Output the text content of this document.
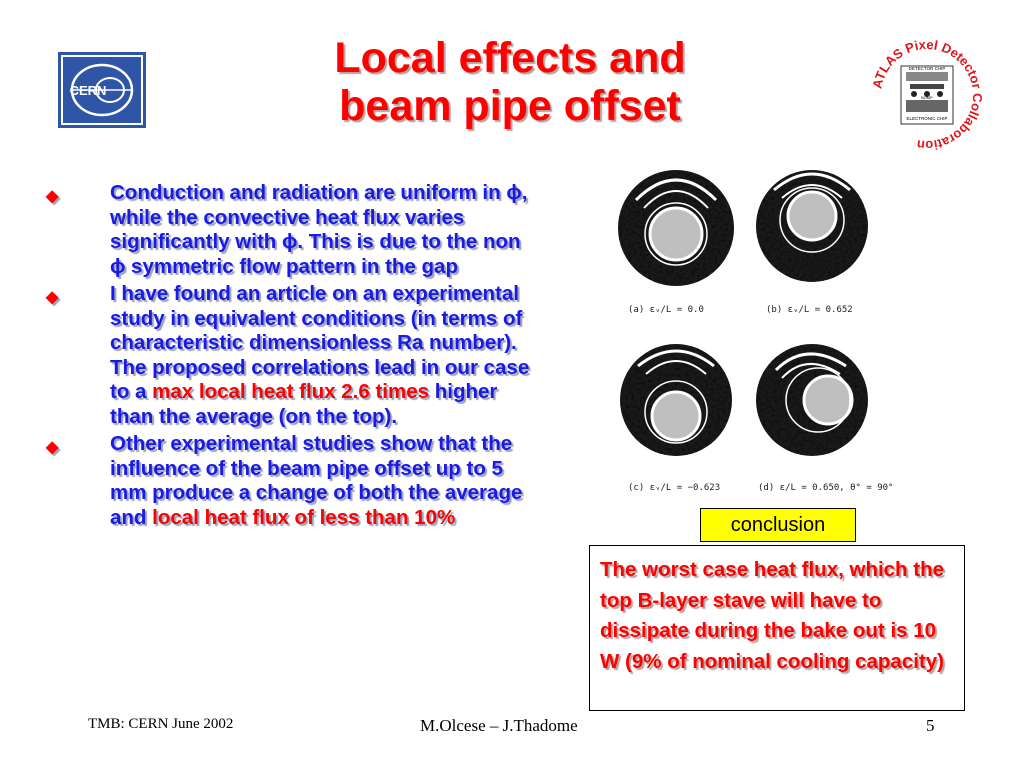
CERN
Local effects and
beam pipe offset	ATLAS Pixel Detector Collaboration
DETECTOR CHIP
BUMP
ELECTRONIC CHIP
◆	Conduction and radiation are uniform in ϕ, while the convective heat flux varies significantly with ϕ. This is due to the non ϕ symmetric flow pattern in the gap
◆	I have found an article on an experimental study in equivalent conditions (in terms of characteristic dimensionless Ra number). The proposed correlations lead in our case to a max local heat flux 2.6 times higher than the average (on the top).
◆	Other experimental studies show that the influence of the beam pipe offset up to 5 mm produce a change of both the average and local heat flux of less than 10%
(a) εᵥ/L = 0.0	(b) εᵥ/L = 0.652
(c) εᵥ/L = −0.623	(d) ε/L = 0.650, θ° = 90°
conclusion
The worst case heat flux, which the top B-layer stave will have to dissipate during the bake out is 10 W (9% of nominal cooling capacity)
TMB: CERN June 2002	M.Olcese – J.Thadome	5
